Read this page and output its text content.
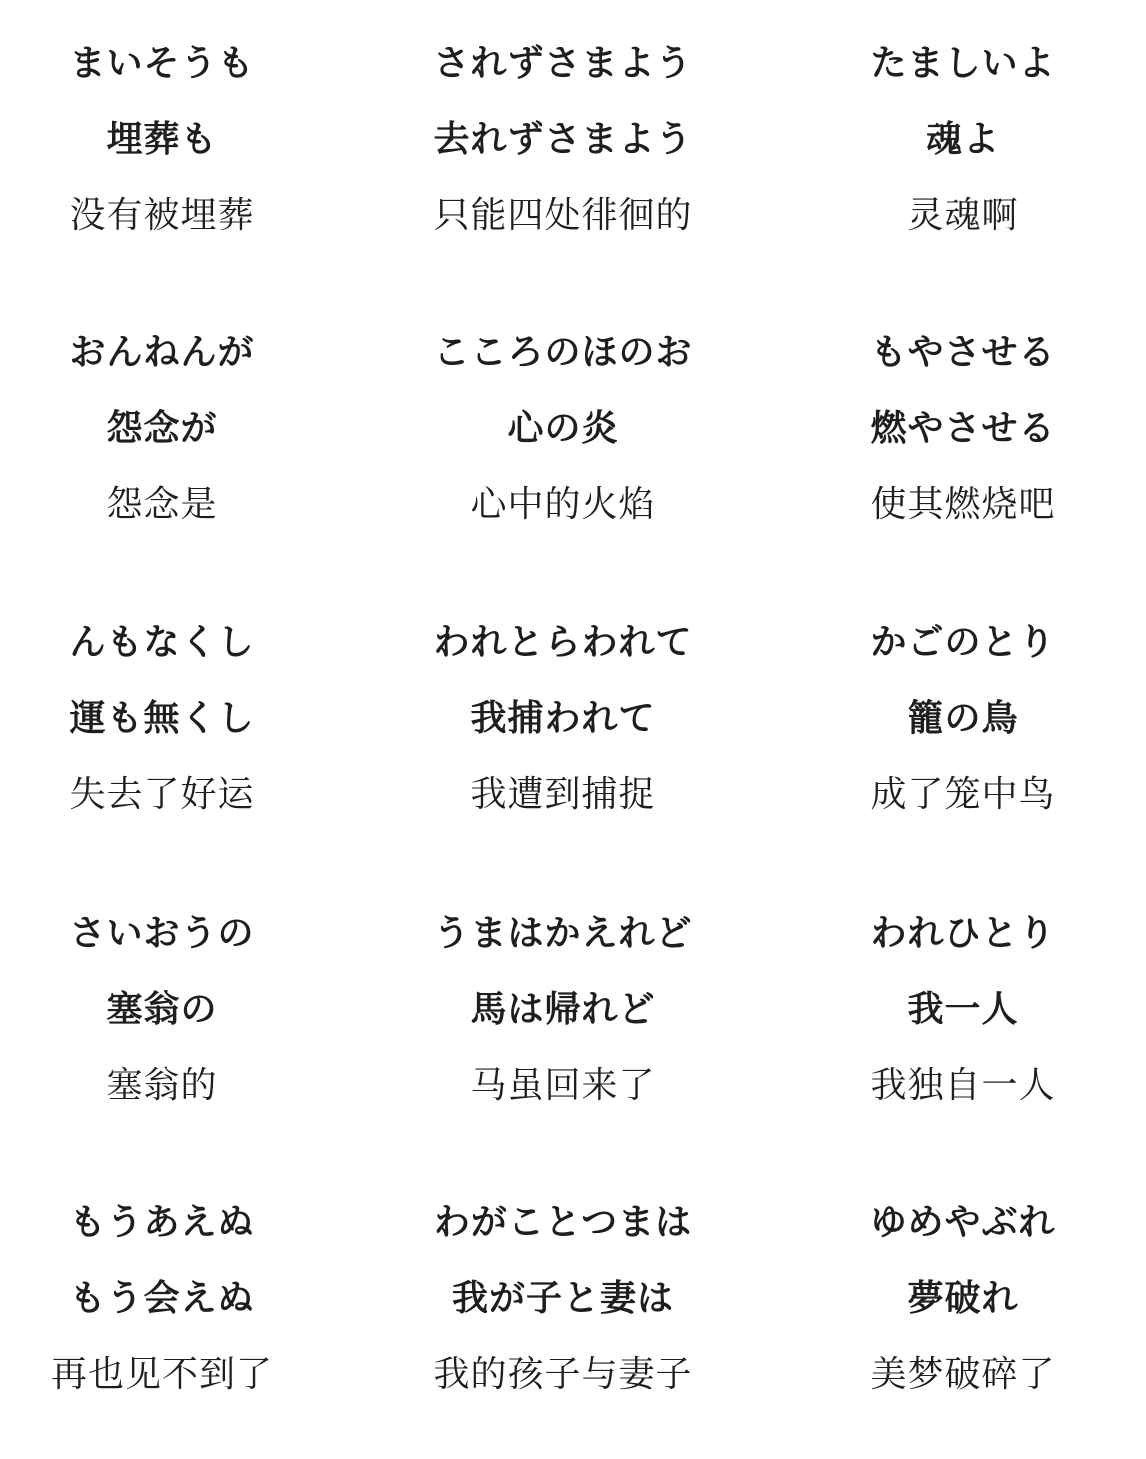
まいそうも
埋葬も
没有被埋葬
されずさまよう
去れずさまよう
只能四处徘徊的
たましいよ
魂よ
灵魂啊
おんねんが
怨念が
怨念是
こころのほのお
心の炎
心中的火焰
もやさせる
燃やさせる
使其燃烧吧
んもなくし
運も無くし
失去了好运
われとらわれて
我捕われて
我遭到捕捉
かごのとり
籠の鳥
成了笼中鸟
さいおうの
塞翁の
塞翁的
うまはかえれど
馬は帰れど
马虽回来了
われひとり
我一人
我独自一人
もうあえぬ
もう会えぬ
再也见不到了
わがことつまは
我が子と妻は
我的孩子与妻子
ゆめやぶれ
夢破れ
美梦破碎了
